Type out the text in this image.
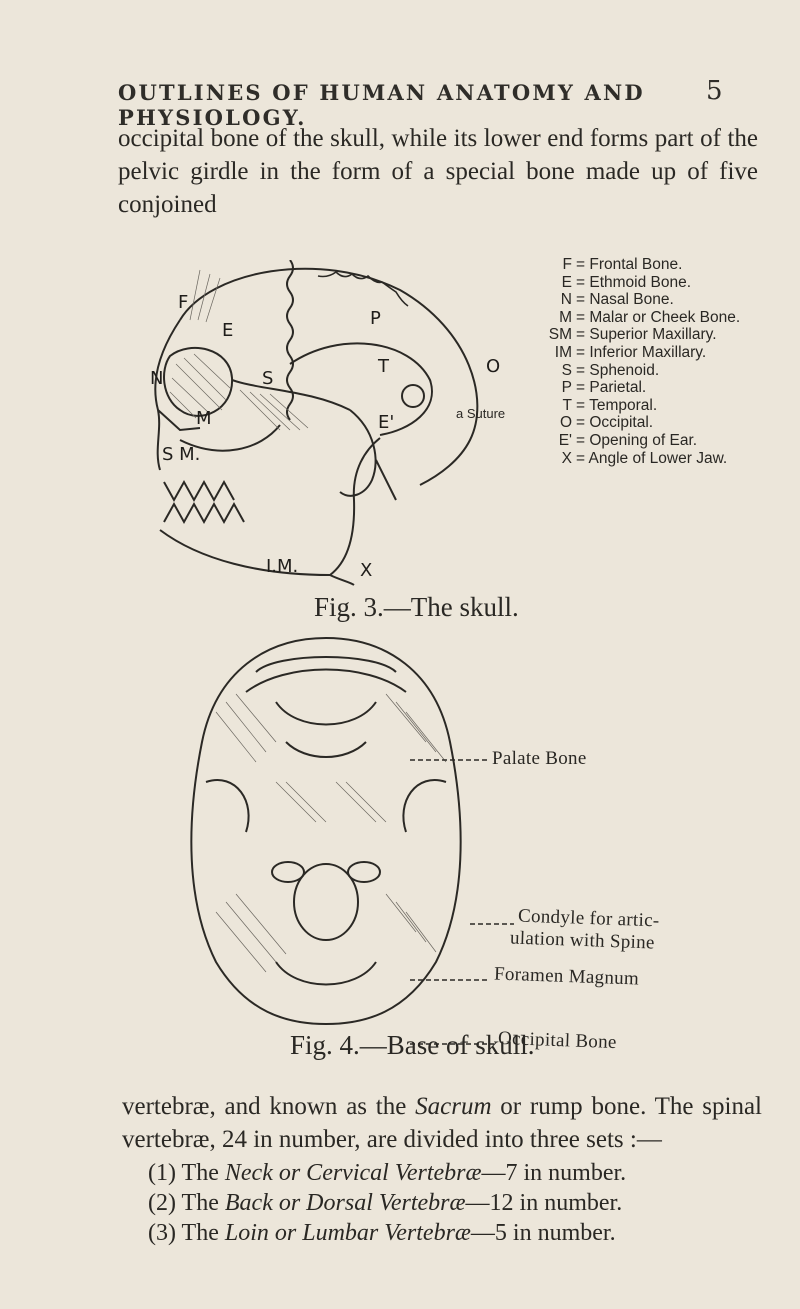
OUTLINES OF HUMAN ANATOMY AND PHYSIOLOGY.
5

occipital bone of the skull, while its lower end forms part of the pelvic girdle in the form of a special bone made up of five conjoined

F
P
E
N	S
T	O
M	E'
S M.
I.M.	X
a Suture
F = Frontal Bone.
E = Ethmoid Bone.
N = Nasal Bone.
M = Malar or Cheek Bone.
SM = Superior Maxillary.
IM = Inferior Maxillary.
S = Sphenoid.
P = Parietal.
T = Temporal.
O = Occipital.
E' = Opening of Ear.
X = Angle of Lower Jaw.
Fig. 3.—The skull.
Palate Bone
Condyle for artic-
ulation with Spine
Foramen Magnum
Occipital Bone
Fig. 4.—Base of skull.

vertebræ, and known as the Sacrum or rump bone. The spinal vertebræ, 24 in number, are divided into three sets :—

(1) The Neck or Cervical Vertebræ—7 in number.
(2) The Back or Dorsal Vertebræ—12 in number.
(3) The Loin or Lumbar Vertebræ—5 in number.
